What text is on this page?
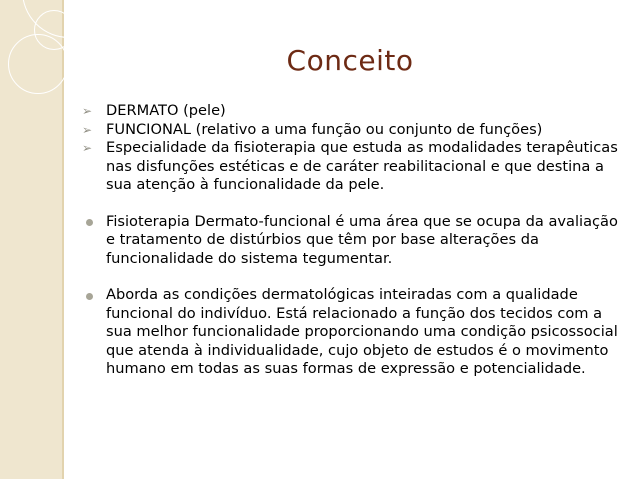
Conceito
➢ DERMATO (pele)
➢ FUNCIONAL (relativo a uma função ou conjunto de funções)
➢ Especialidade da fisioterapia que estuda as modalidades terapêuticas nas disfunções estéticas e de caráter reabilitacional e que destina a sua atenção à funcionalidade da pele.
Fisioterapia Dermato-funcional é uma área que se ocupa da avaliação e tratamento de distúrbios que têm por base alterações da funcionalidade do sistema tegumentar.
Aborda as condições dermatológicas inteiradas com a qualidade funcional do indivíduo. Está relacionado a função dos tecidos com a sua melhor funcionalidade proporcionando uma condição psicossocial que atenda à individualidade, cujo objeto de estudos é o movimento humano em todas as suas formas de expressão e potencialidade.
